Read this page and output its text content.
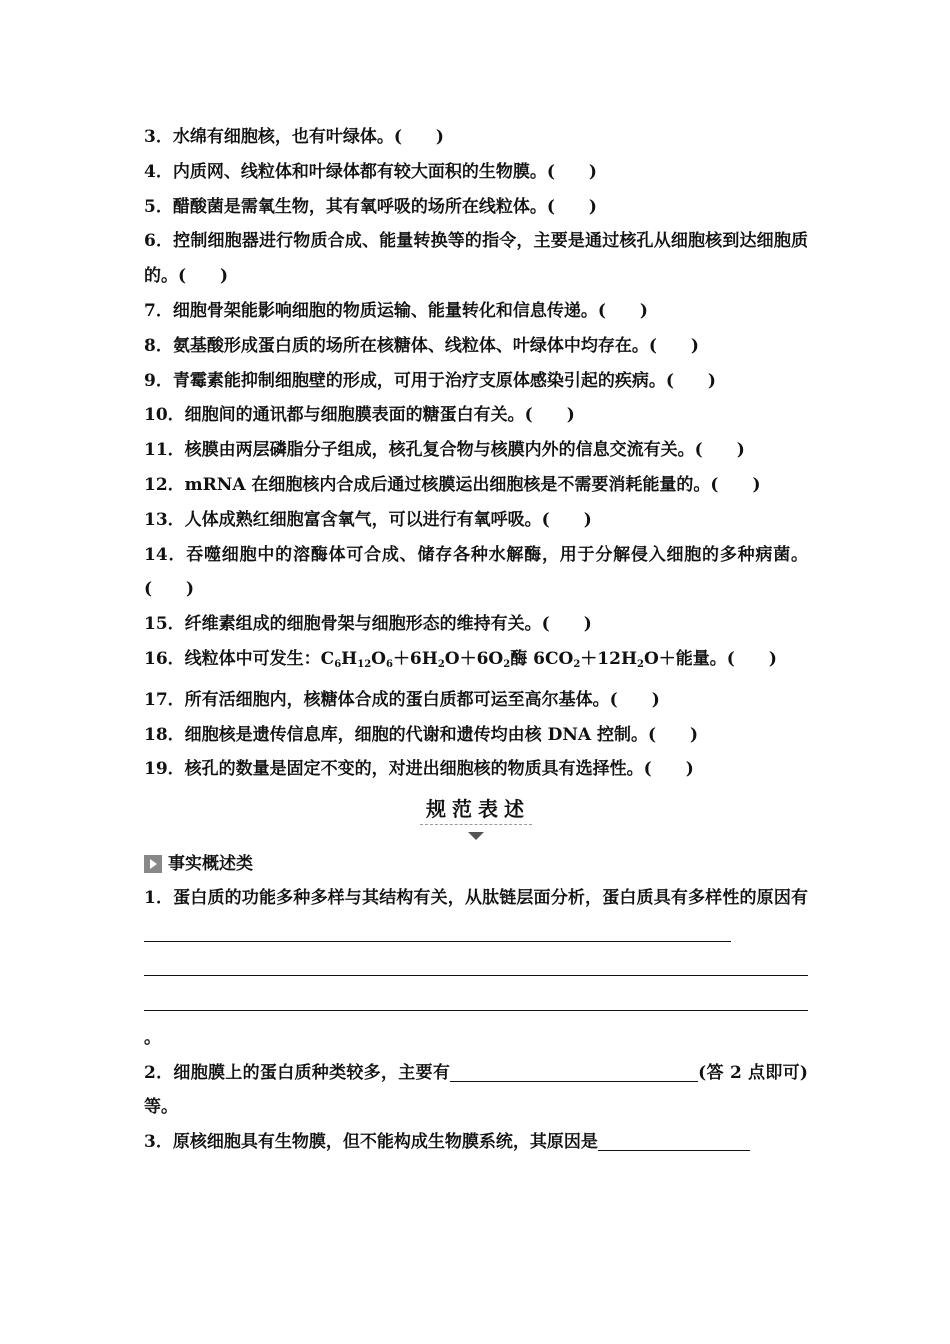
3．水绵有细胞核，也有叶绿体。(　　)
4．内质网、线粒体和叶绿体都有较大面积的生物膜。(　　)
5．醋酸菌是需氧生物，其有氧呼吸的场所在线粒体。(　　)
6．控制细胞器进行物质合成、能量转换等的指令，主要是通过核孔从细胞核到达细胞质的。(　　)
7．细胞骨架能影响细胞的物质运输、能量转化和信息传递。(　　)
8．氨基酸形成蛋白质的场所在核糖体、线粒体、叶绿体中均存在。(　　)
9．青霉素能抑制细胞壁的形成，可用于治疗支原体感染引起的疾病。(　　)
10．细胞间的通讯都与细胞膜表面的糖蛋白有关。(　　)
11．核膜由两层磷脂分子组成，核孔复合物与核膜内外的信息交流有关。(　　)
12．mRNA 在细胞核内合成后通过核膜运出细胞核是不需要消耗能量的。(　　)
13．人体成熟红细胞富含氧气，可以进行有氧呼吸。(　　)
14．吞噬细胞中的溶酶体可合成、储存各种水解酶，用于分解侵入细胞的多种病菌。(　　)
15．纤维素组成的细胞骨架与细胞形态的维持有关。(　　)
16．线粒体中可发生：$C_6H_{12}O_6+6H_2O+6O_2$酶 $6CO_2+12H_2O+$能量。(　　)
17．所有活细胞内，核糖体合成的蛋白质都可运至高尔基体。(　　)
18．细胞核是遗传信息库，细胞的代谢和遗传均由核 DNA 控制。(　　)
19．核孔的数量是固定不变的，对进出细胞核的物质具有选择性。(　　)
规范表述
事实概述类
1．蛋白质的功能多种多样与其结构有关，从肽链层面分析，蛋白质具有多样性的原因有
。
2．细胞膜上的蛋白质种类较多，主要有	(答 2 点即可)等。
3．原核细胞具有生物膜，但不能构成生物膜系统，其原因是
